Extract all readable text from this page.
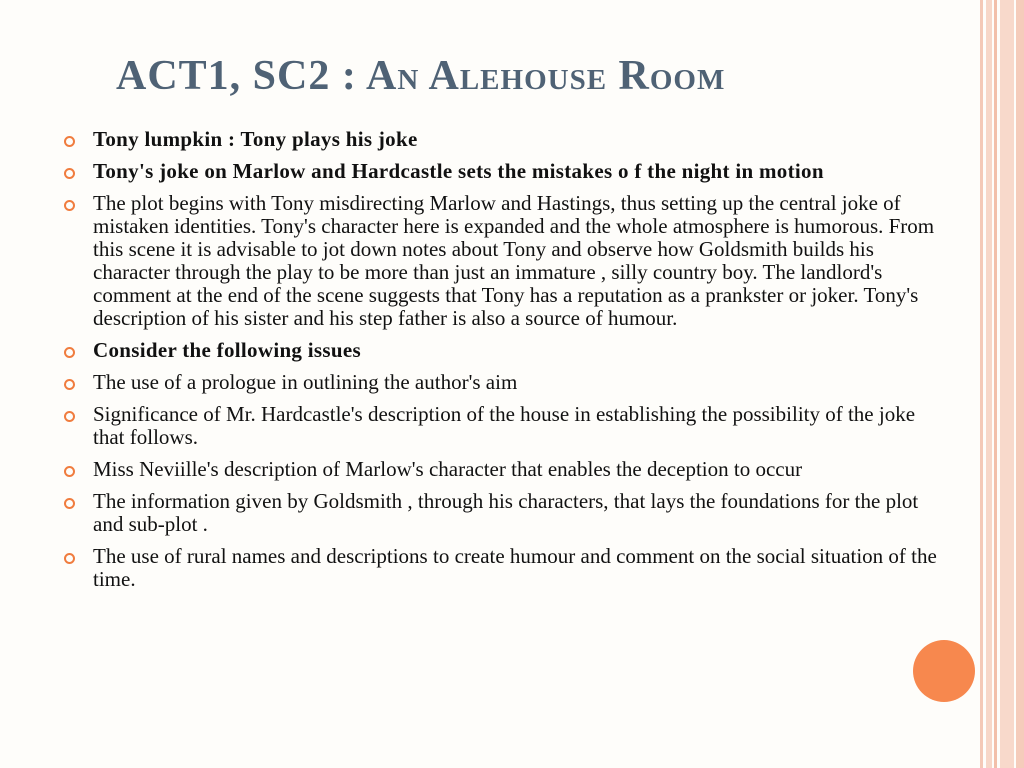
ACT1, SC2 : An Alehouse Room
Tony lumpkin : Tony plays his joke
Tony's joke on Marlow and Hardcastle sets the mistakes o f the night in motion
The plot begins with Tony misdirecting Marlow and Hastings, thus setting up the central joke of mistaken identities. Tony's character here is expanded and the whole atmosphere is humorous. From this scene it is advisable to jot down notes about Tony and observe how Goldsmith builds his character through the play to be more than just an immature , silly country boy. The landlord's comment at the end of the scene suggests that Tony has a reputation as a prankster or joker. Tony's description of his sister and his step father is also a source of humour.
Consider the following issues
The use of a prologue in outlining the author's aim
Significance of Mr. Hardcastle's description of the house in establishing the possibility of the joke that follows.
Miss Neviille's description of Marlow's character that enables the deception to occur
The information given by Goldsmith , through his characters, that lays the foundations for the plot and sub-plot .
The use of rural names and descriptions to create humour and comment on the social situation of the time.
